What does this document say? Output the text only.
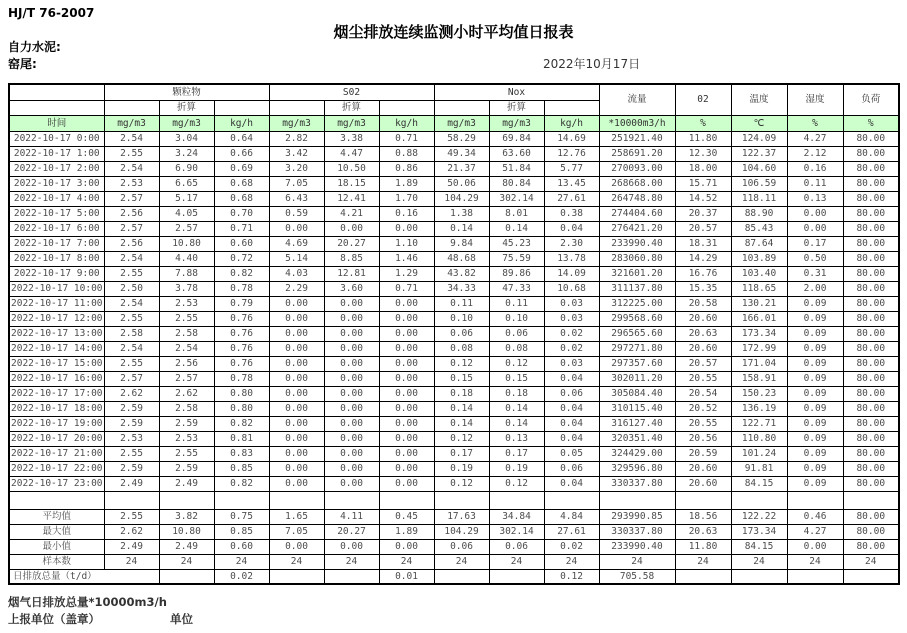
HJ/T 76-2007
烟尘排放连续监测小时平均值日报表
自力水泥:
窑尾:	2022年10月17日
	颗粒物			S02			Nox			流量	02	温度	湿度	负荷
		折算			折算			折算						
时间	mg/m3	mg/m3	kg/h	mg/m3	mg/m3	kg/h	mg/m3	mg/m3	kg/h	*10000m3/h	%	℃	%	%
2022-10-17 0:00	2.54	3.04	0.64	2.82	3.38	0.71	58.29	69.84	14.69	251921.40	11.80	124.09	4.27	80.00
2022-10-17 1:00	2.55	3.24	0.66	3.42	4.47	0.88	49.34	63.60	12.76	258691.20	12.30	122.37	2.12	80.00
2022-10-17 2:00	2.54	6.90	0.69	3.20	10.50	0.86	21.37	51.84	5.77	270093.00	18.00	104.60	0.16	80.00
2022-10-17 3:00	2.53	6.65	0.68	7.05	18.15	1.89	50.06	80.84	13.45	268668.00	15.71	106.59	0.11	80.00
2022-10-17 4:00	2.57	5.17	0.68	6.43	12.41	1.70	104.29	302.14	27.61	264748.80	14.52	118.11	0.13	80.00
2022-10-17 5:00	2.56	4.05	0.70	0.59	4.21	0.16	1.38	8.01	0.38	274404.60	20.37	88.90	0.00	80.00
2022-10-17 6:00	2.57	2.57	0.71	0.00	0.00	0.00	0.14	0.14	0.04	276421.20	20.57	85.43	0.00	80.00
2022-10-17 7:00	2.56	10.80	0.60	4.69	20.27	1.10	9.84	45.23	2.30	233990.40	18.31	87.64	0.17	80.00
2022-10-17 8:00	2.54	4.40	0.72	5.14	8.85	1.46	48.68	75.59	13.78	283060.80	14.29	103.89	0.50	80.00
2022-10-17 9:00	2.55	7.88	0.82	4.03	12.81	1.29	43.82	89.86	14.09	321601.20	16.76	103.40	0.31	80.00
2022-10-17 10:00	2.50	3.78	0.78	2.29	3.60	0.71	34.33	47.33	10.68	311137.80	15.35	118.65	2.00	80.00
2022-10-17 11:00	2.54	2.53	0.79	0.00	0.00	0.00	0.11	0.11	0.03	312225.00	20.58	130.21	0.09	80.00
2022-10-17 12:00	2.55	2.55	0.76	0.00	0.00	0.00	0.10	0.10	0.03	299568.60	20.60	166.01	0.09	80.00
2022-10-17 13:00	2.58	2.58	0.76	0.00	0.00	0.00	0.06	0.06	0.02	296565.60	20.63	173.34	0.09	80.00
2022-10-17 14:00	2.54	2.54	0.76	0.00	0.00	0.00	0.08	0.08	0.02	297271.80	20.60	172.99	0.09	80.00
2022-10-17 15:00	2.55	2.56	0.76	0.00	0.00	0.00	0.12	0.12	0.03	297357.60	20.57	171.04	0.09	80.00
2022-10-17 16:00	2.57	2.57	0.78	0.00	0.00	0.00	0.15	0.15	0.04	302011.20	20.55	158.91	0.09	80.00
2022-10-17 17:00	2.62	2.62	0.80	0.00	0.00	0.00	0.18	0.18	0.06	305084.40	20.54	150.23	0.09	80.00
2022-10-17 18:00	2.59	2.58	0.80	0.00	0.00	0.00	0.14	0.14	0.04	310115.40	20.52	136.19	0.09	80.00
2022-10-17 19:00	2.59	2.59	0.82	0.00	0.00	0.00	0.14	0.14	0.04	316127.40	20.55	122.71	0.09	80.00
2022-10-17 20:00	2.53	2.53	0.81	0.00	0.00	0.00	0.12	0.13	0.04	320351.40	20.56	110.80	0.09	80.00
2022-10-17 21:00	2.55	2.55	0.83	0.00	0.00	0.00	0.17	0.17	0.05	324429.00	20.59	101.24	0.09	80.00
2022-10-17 22:00	2.59	2.59	0.85	0.00	0.00	0.00	0.19	0.19	0.06	329596.80	20.60	91.81	0.09	80.00
2022-10-17 23:00	2.49	2.49	0.82	0.00	0.00	0.00	0.12	0.12	0.04	330337.80	20.60	84.15	0.09	80.00

平均值	2.55	3.82	0.75	1.65	4.11	0.45	17.63	34.84	4.84	293990.85	18.56	122.22	0.46	80.00
最大值	2.62	10.80	0.85	7.05	20.27	1.89	104.29	302.14	27.61	330337.80	20.63	173.34	4.27	80.00
最小值	2.49	2.49	0.60	0.00	0.00	0.00	0.06	0.06	0.02	233990.40	11.80	84.15	0.00	80.00
样本数	24	24	24	24	24	24	24	24	24	24	24	24	24	24
日排放总量（t/d）			0.02			0.01			0.12	705.58				
烟气日排放总量*10000m3/h
上报单位（盖章）	单位
